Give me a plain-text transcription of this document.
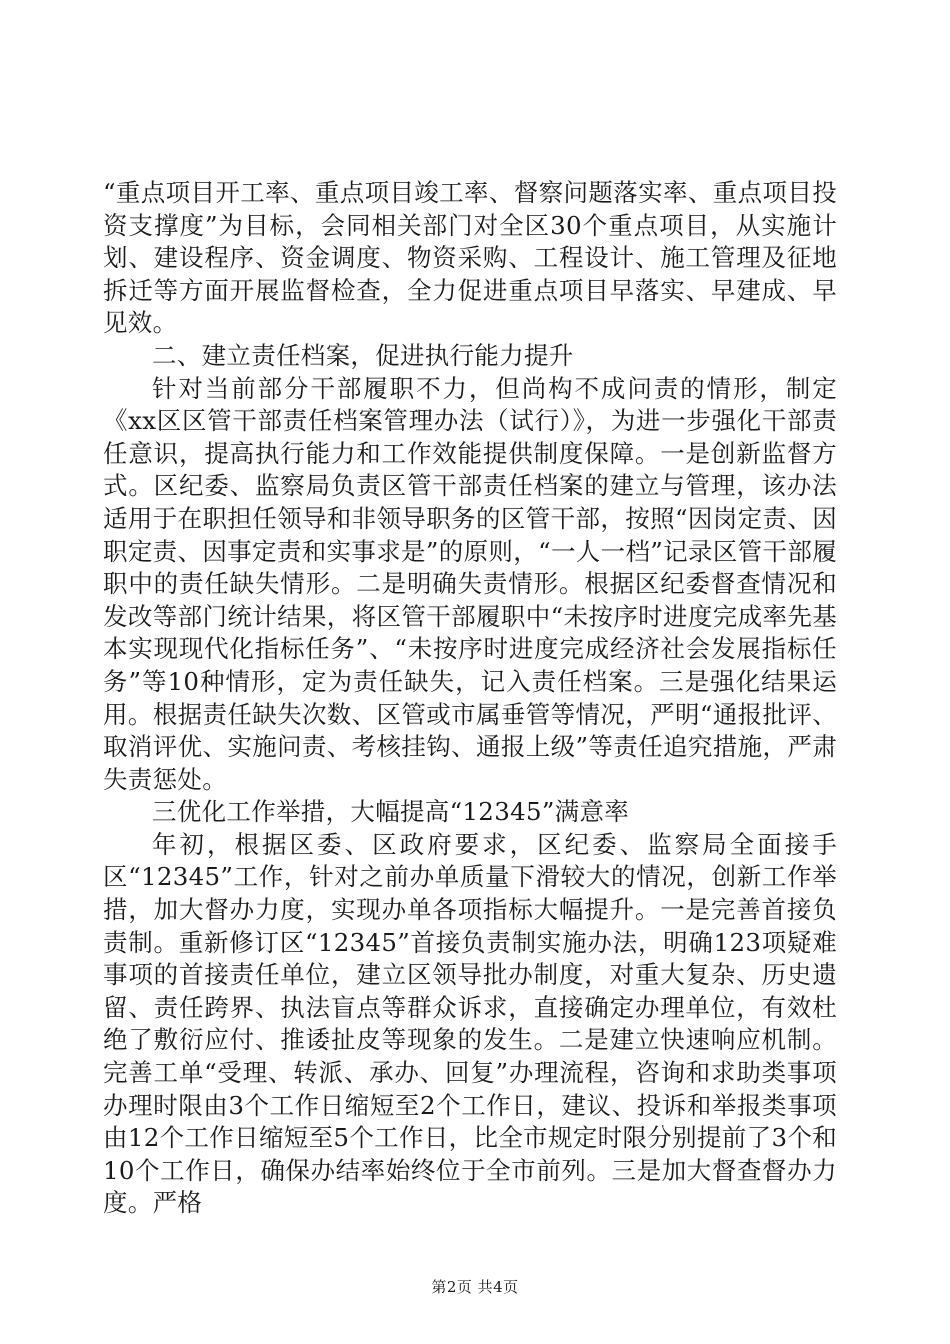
“重点项目开工率、重点项目竣工率、督察问题落实率、重点项目投资支撑度”为目标，会同相关部门对全区30个重点项目，从实施计划、建设程序、资金调度、物资采购、工程设计、施工管理及征地拆迁等方面开展监督检查，全力促进重点项目早落实、早建成、早见效。

二、建立责任档案，促进执行能力提升

针对当前部分干部履职不力，但尚构不成问责的情形，制定《xx区区管干部责任档案管理办法（试行）》，为进一步强化干部责任意识，提高执行能力和工作效能提供制度保障。一是创新监督方式。区纪委、监察局负责区管干部责任档案的建立与管理，该办法适用于在职担任领导和非领导职务的区管干部，按照“因岗定责、因职定责、因事定责和实事求是”的原则，“一人一档”记录区管干部履职中的责任缺失情形。二是明确失责情形。根据区纪委督查情况和发改等部门统计结果，将区管干部履职中“未按序时进度完成率先基本实现现代化指标任务”、“未按序时进度完成经济社会发展指标任务”等10种情形，定为责任缺失，记入责任档案。三是强化结果运用。根据责任缺失次数、区管或市属垂管等情况，严明“通报批评、取消评优、实施问责、考核挂钩、通报上级”等责任追究措施，严肃失责惩处。

三优化工作举措，大幅提高“12345”满意率

年初，根据区委、区政府要求，区纪委、监察局全面接手区“12345”工作，针对之前办单质量下滑较大的情况，创新工作举措，加大督办力度，实现办单各项指标大幅提升。一是完善首接负责制。重新修订区“12345”首接负责制实施办法，明确123项疑难事项的首接责任单位，建立区领导批办制度，对重大复杂、历史遗留、责任跨界、执法盲点等群众诉求，直接确定办理单位，有效杜绝了敷衍应付、推诿扯皮等现象的发生。二是建立快速响应机制。完善工单“受理、转派、承办、回复”办理流程，咨询和求助类事项办理时限由3个工作日缩短至2个工作日，建议、投诉和举报类事项由12个工作日缩短至5个工作日，比全市规定时限分别提前了3个和10个工作日，确保办结率始终位于全市前列。三是加大督查督办力度。严格

第2页 共4页
